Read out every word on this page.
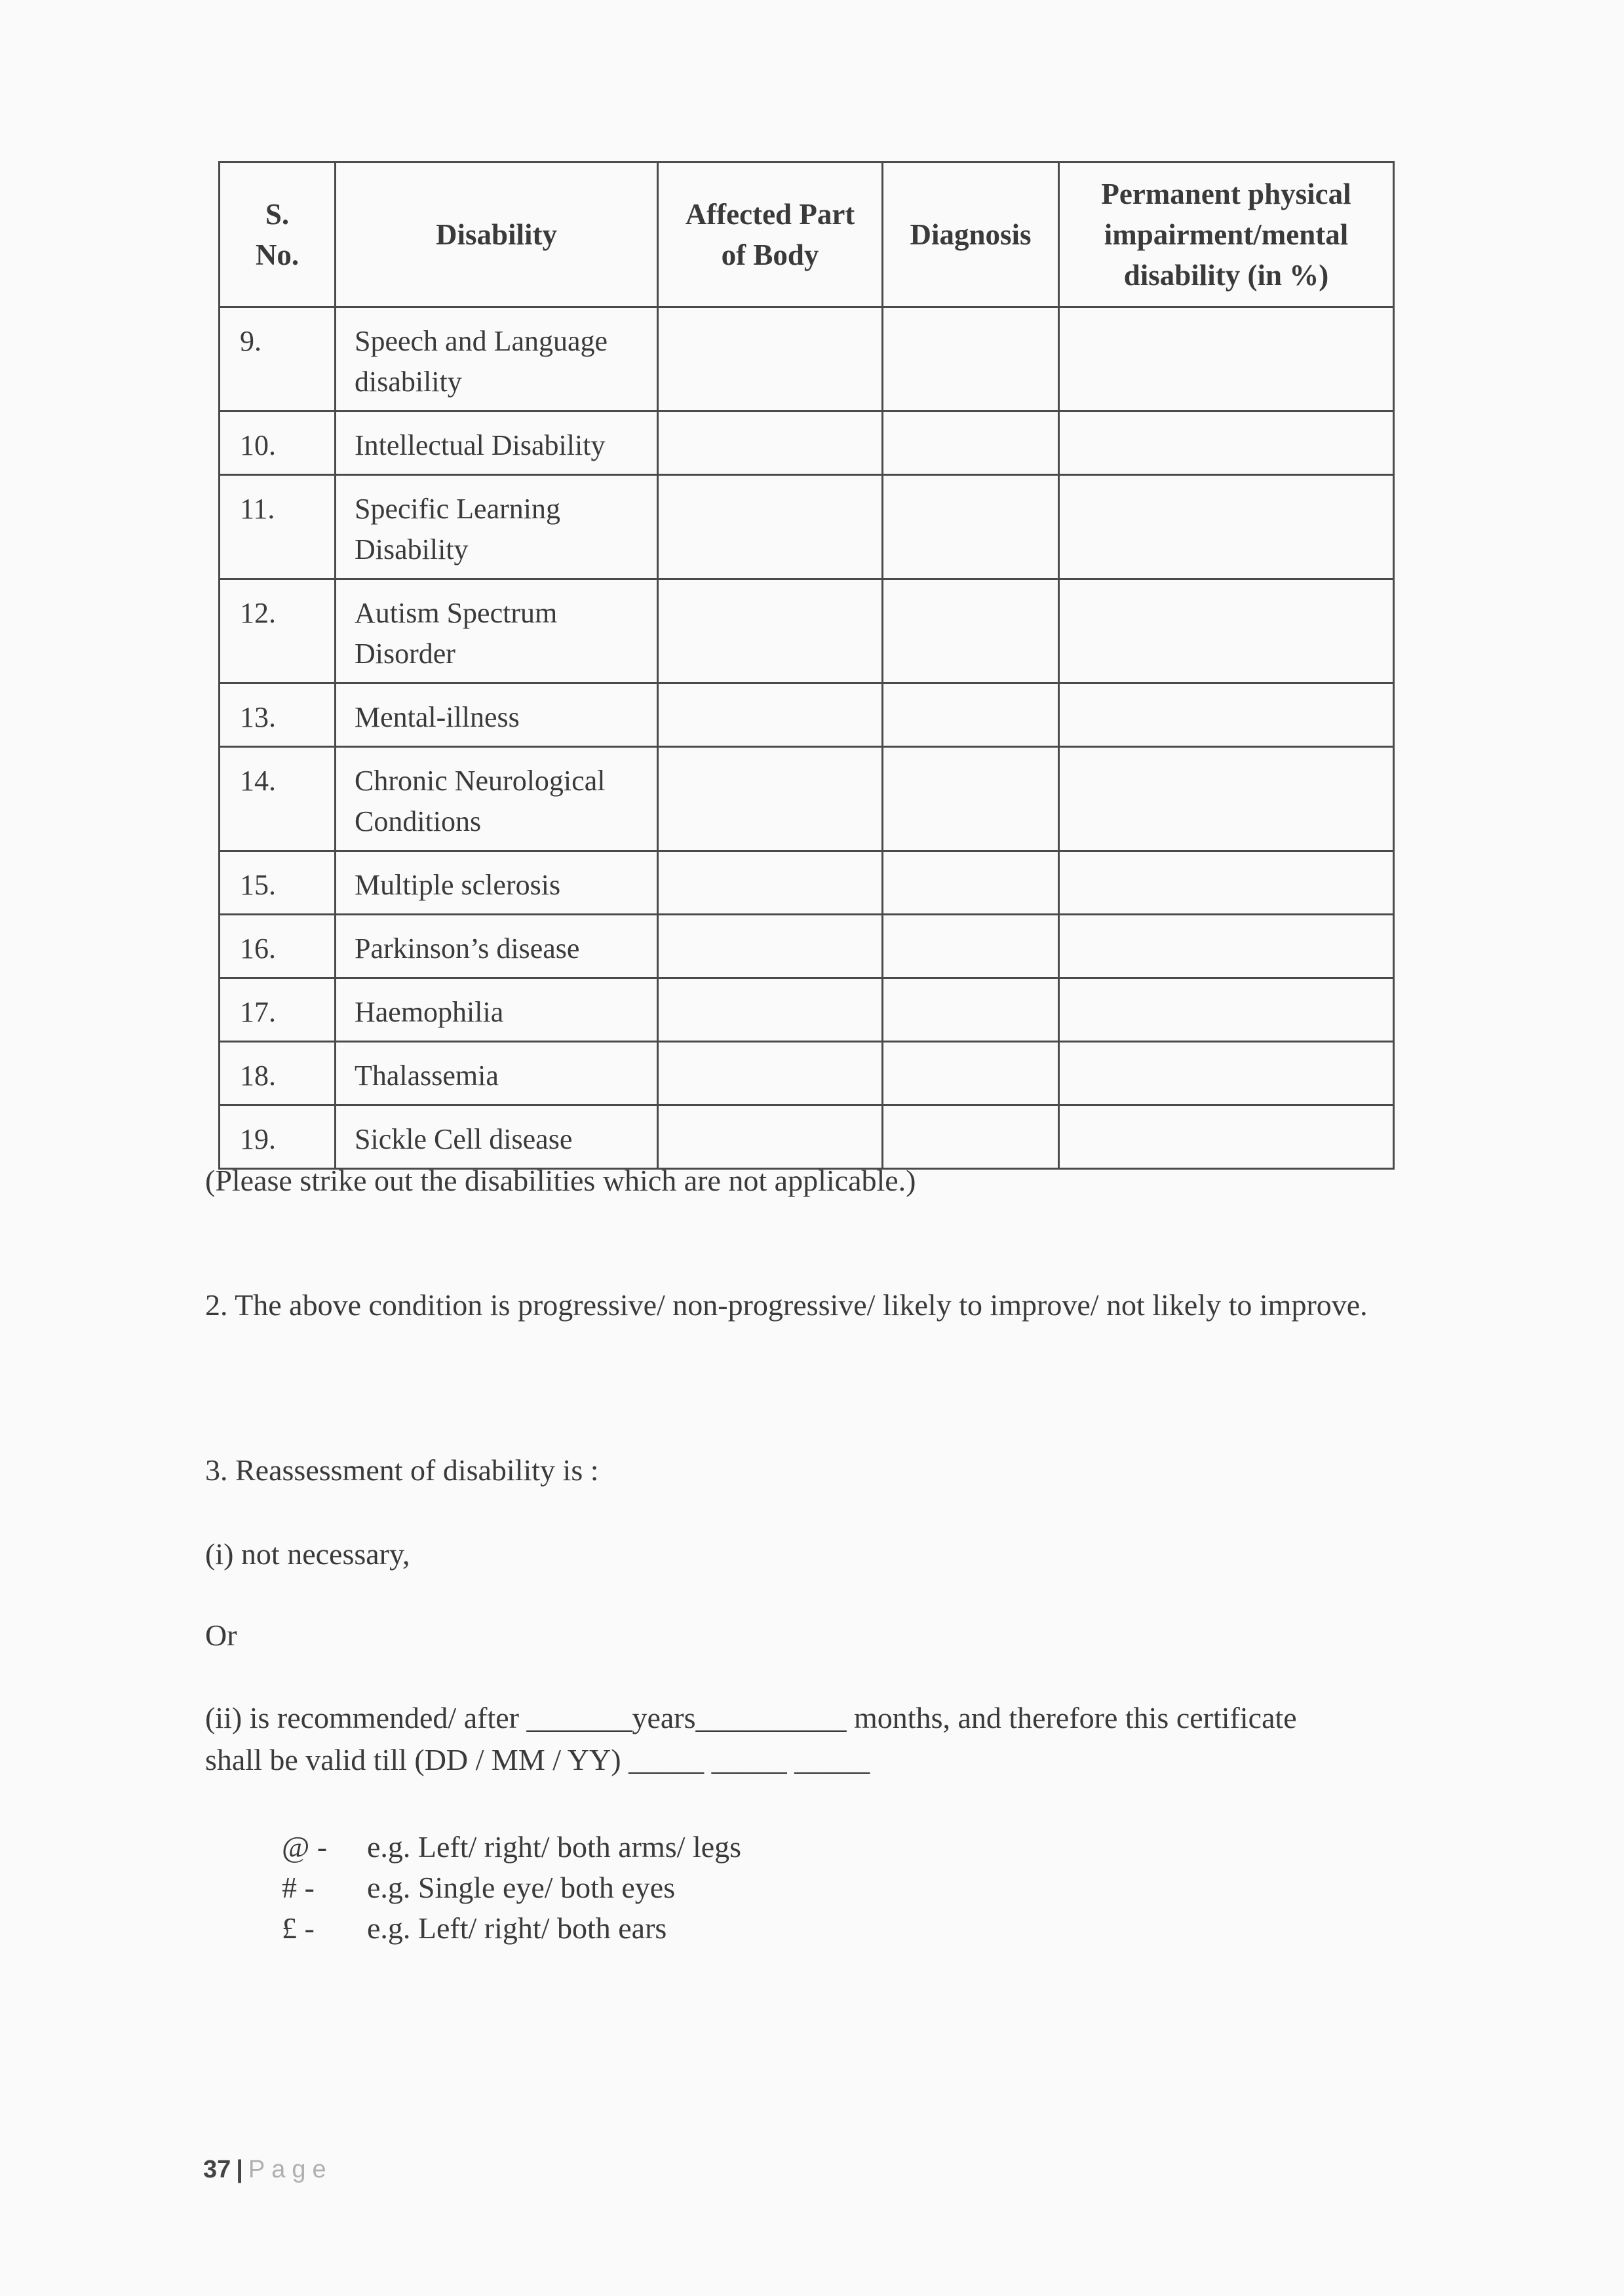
S. No.	Disability	Affected Part of Body	Diagnosis	Permanent physical impairment/mental disability (in %)
9.	Speech and Language disability			
10.	Intellectual Disability			
11.	Specific Learning Disability			
12.	Autism Spectrum Disorder			
13.	Mental-illness			
14.	Chronic Neurological Conditions			
15.	Multiple sclerosis			
16.	Parkinson’s disease			
17.	Haemophilia			
18.	Thalassemia			
19.	Sickle Cell disease			
(Please strike out the disabilities which are not applicable.)
2. The above condition is progressive/ non-progressive/ likely to improve/ not likely to improve.
3. Reassessment of disability is :
(i) not necessary,
Or
(ii) is recommended/ after _______years__________ months, and therefore this certificate
shall be valid till (DD / MM / YY) _____ _____ _____
@ - e.g. Left/ right/ both arms/ legs
# - e.g. Single eye/ both eyes
£ - e.g. Left/ right/ both ears
37 | Page
